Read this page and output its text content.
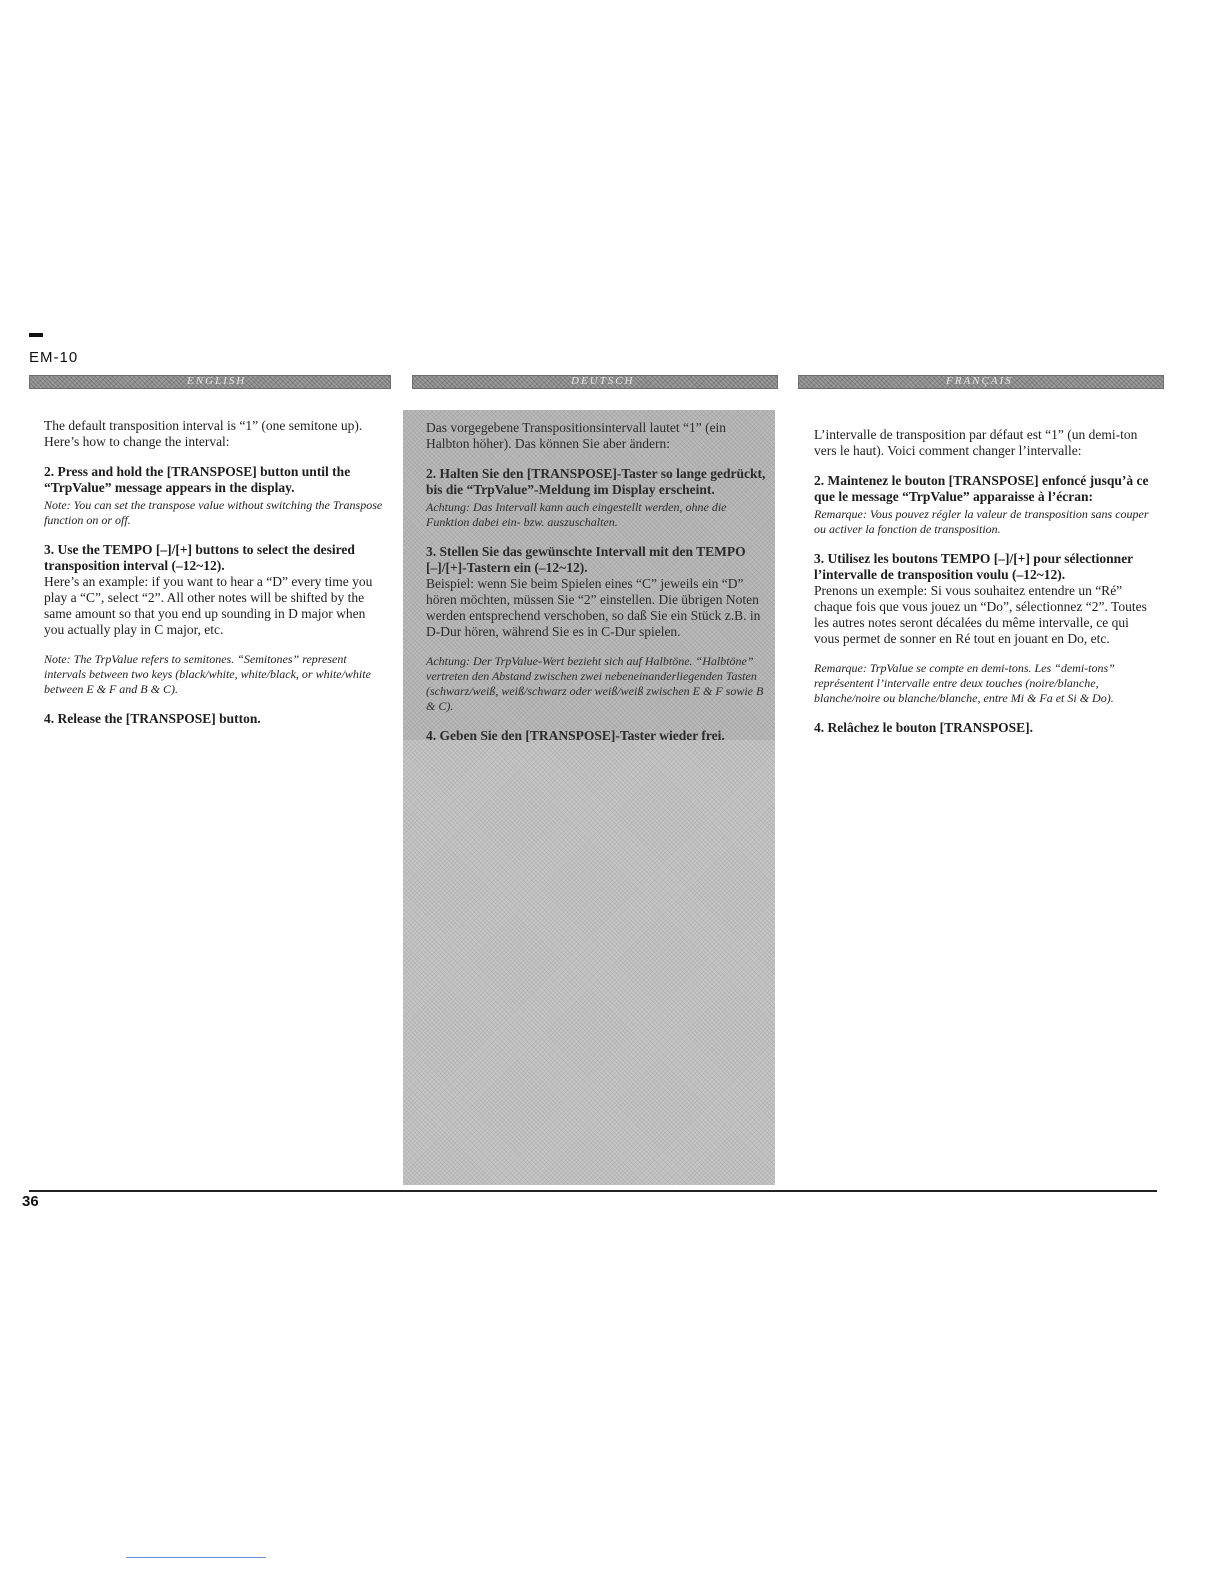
EM-10
ENGLISH	DEUTSCH	FRANÇAIS

The default transposition interval is “1” (one semitone up). Here’s how to change the interval:

2. Press and hold the [TRANSPOSE] button until the “TrpValue” message appears in the display.

Note: You can set the transpose value without switching the Transpose function on or off.

3. Use the TEMPO [–]/[+] buttons to select the desired transposition interval (–12~12).

Here’s an example: if you want to hear a “D” every time you play a “C”, select “2”. All other notes will be shifted by the same amount so that you end up sounding in D major when you actually play in C major, etc.

Note: The TrpValue refers to semitones. “Semitones” represent intervals between two keys (black/white, white/black, or white/white between E & F and B & C).

4. Release the [TRANSPOSE] button.

Das vorgegebene Transpositionsintervall lautet “1” (ein Halbton höher). Das können Sie aber ändern:

2. Halten Sie den [TRANSPOSE]-Taster so lange gedrückt, bis die “TrpValue”-Meldung im Display erscheint.

Achtung: Das Intervall kann auch eingestellt werden, ohne die Funktion dabei ein- bzw. auszuschalten.

3. Stellen Sie das gewünschte Intervall mit den TEMPO [–]/[+]-Tastern ein (–12~12).

Beispiel: wenn Sie beim Spielen eines “C” jeweils ein “D” hören möchten, müssen Sie “2” einstellen. Die übrigen Noten werden entsprechend verschoben, so daß Sie ein Stück z.B. in D-Dur hören, während Sie es in C-Dur spielen.

Achtung: Der TrpValue-Wert bezieht sich auf Halbtöne. “Halbtöne” vertreten den Abstand zwischen zwei nebeneinanderliegenden Tasten (schwarz/weiß, weiß/schwarz oder weiß/weiß zwischen E & F sowie B & C).

4. Geben Sie den [TRANSPOSE]-Taster wieder frei.

L’intervalle de transposition par défaut est “1” (un demi-ton vers le haut). Voici comment changer l’intervalle:

2. Maintenez le bouton [TRANSPOSE] enfoncé jusqu’à ce que le message “TrpValue” apparaisse à l’écran:

Remarque: Vous pouvez régler la valeur de transposition sans couper ou activer la fonction de transposition.

3. Utilisez les boutons TEMPO [–]/[+] pour sélectionner l’intervalle de transposition voulu (–12~12).

Prenons un exemple: Si vous souhaitez entendre un “Ré” chaque fois que vous jouez un “Do”, sélectionnez “2”. Toutes les autres notes seront décalées du même intervalle, ce qui vous permet de sonner en Ré tout en jouant en Do, etc.

Remarque: TrpValue se compte en demi-tons. Les “demi-tons” représentent l’intervalle entre deux touches (noire/blanche, blanche/noire ou blanche/blanche, entre Mi & Fa et Si & Do).

4. Relâchez le bouton [TRANSPOSE].

36
